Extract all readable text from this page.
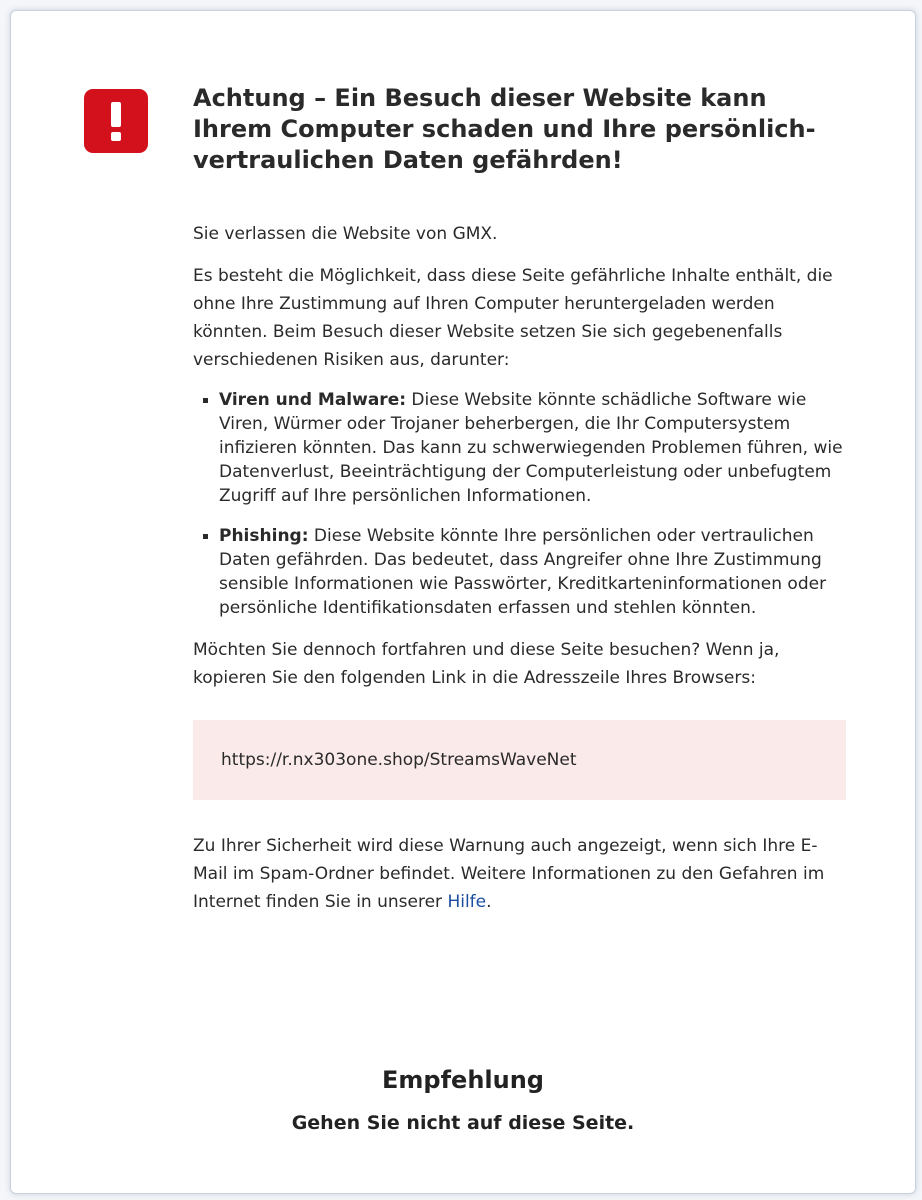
Achtung – Ein Besuch dieser Website kann Ihrem Computer schaden und Ihre persönlich-vertraulichen Daten gefährden!

Sie verlassen die Website von GMX.

Es besteht die Möglichkeit, dass diese Seite gefährliche Inhalte enthält, die ohne Ihre Zustimmung auf Ihren Computer heruntergeladen werden könnten. Beim Besuch dieser Website setzen Sie sich gegebenenfalls verschiedenen Risiken aus, darunter:

Viren und Malware: Diese Website könnte schädliche Software wie Viren, Würmer oder Trojaner beherbergen, die Ihr Computersystem infizieren könnten. Das kann zu schwerwiegenden Problemen führen, wie Datenverlust, Beeinträchtigung der Computerleistung oder unbefugtem Zugriff auf Ihre persönlichen Informationen.
Phishing: Diese Website könnte Ihre persönlichen oder vertraulichen Daten gefährden. Das bedeutet, dass Angreifer ohne Ihre Zustimmung sensible Informationen wie Passwörter, Kreditkarteninformationen oder persönliche Identifikationsdaten erfassen und stehlen könnten.

Möchten Sie dennoch fortfahren und diese Seite besuchen? Wenn ja, kopieren Sie den folgenden Link in die Adresszeile Ihres Browsers:

https://r.nx303one.shop/StreamsWaveNet

Zu Ihrer Sicherheit wird diese Warnung auch angezeigt, wenn sich Ihre E-Mail im Spam-Ordner befindet. Weitere Informationen zu den Gefahren im Internet finden Sie in unserer Hilfe.

Empfehlung
Gehen Sie nicht auf diese Seite.
